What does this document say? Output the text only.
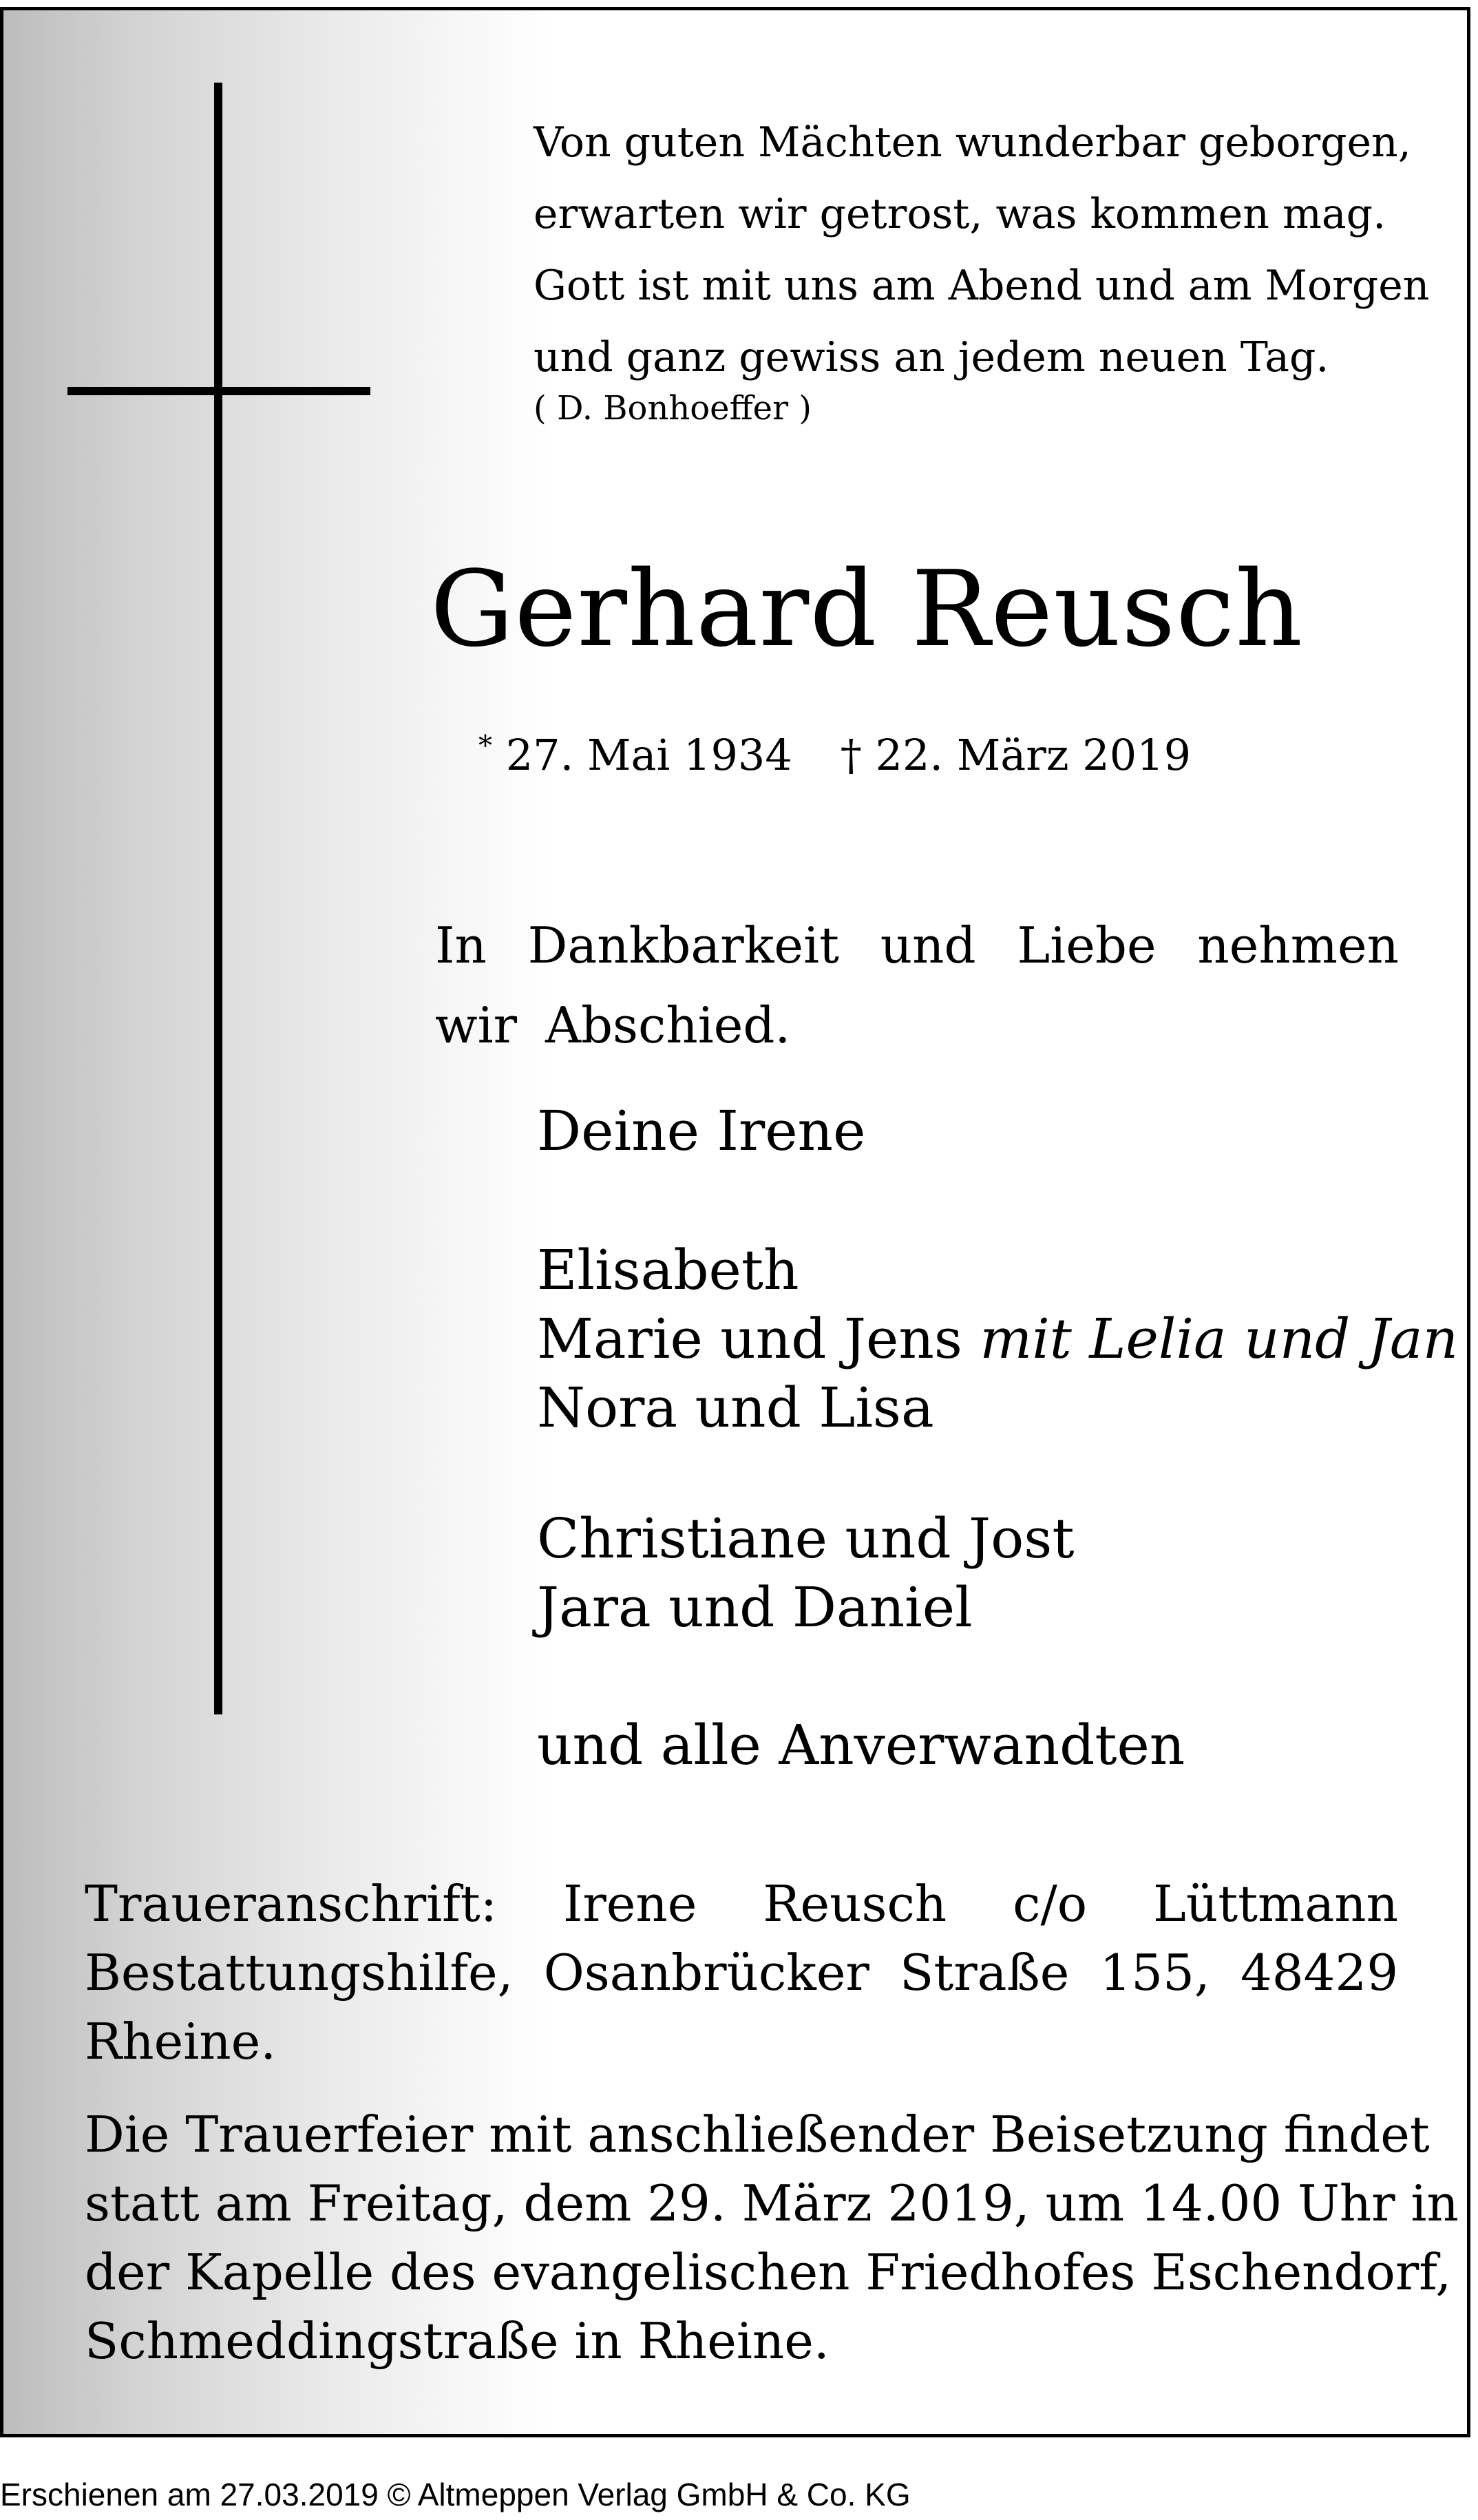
Von guten Mächten wunderbar geborgen,
erwarten wir getrost, was kommen mag.
Gott ist mit uns am Abend und am Morgen
und ganz gewiss an jedem neuen Tag.
( D. Bonhoeffer )
Gerhard Reusch
* 27. Mai 1934 † 22. März 2019
In Dankbarkeit und Liebe nehmen wir Abschied.
Deine Irene
Elisabeth
Marie und Jens mit Lelia und Jan
Nora und Lisa
Christiane und Jost
Jara und Daniel
und alle Anverwandten
Traueranschrift: Irene Reusch c/o Lüttmann
Bestattungshilfe, Osanbrücker Straße 155, 48429 Rheine.
Die Trauerfeier mit anschließender Beisetzung findet
statt am Freitag, dem 29. März 2019, um 14.00 Uhr in
der Kapelle des evangelischen Friedhofes Eschendorf,
Schmeddingstraße in Rheine.
Erschienen am 27.03.2019 © Altmeppen Verlag GmbH & Co. KG
